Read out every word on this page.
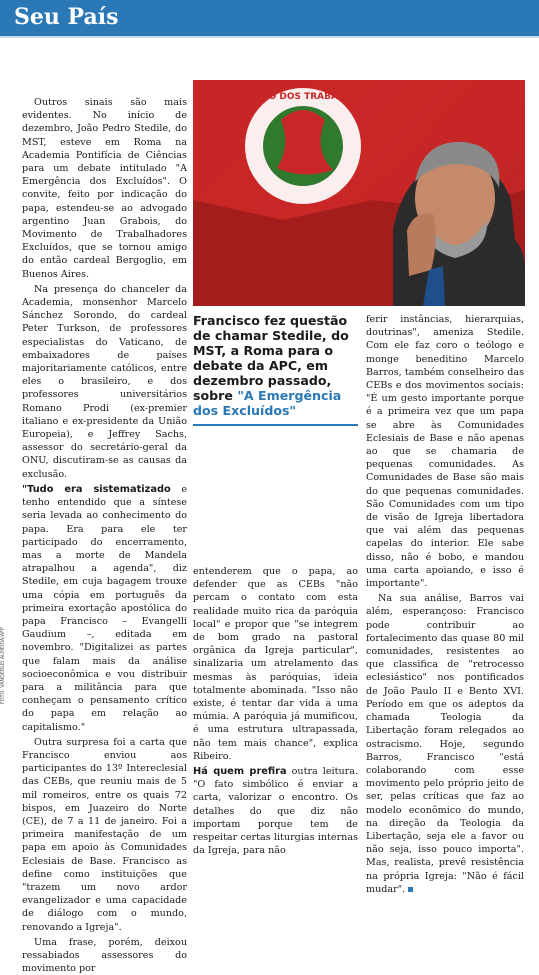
Seu País
MOVIMENTO DOS TRABALHADORES
FOTO: VANDERLEI ALMEIDA/AFP

Outros sinais são mais evidentes. No início de dezembro, João Pedro Stedile, do MST, esteve em Roma na Academia Pontifícia de Ciências para um debate intitulado "A Emergência dos Excluídos". O convite, feito por indicação do papa, estendeu-se ao advogado argentino Juan Grabois, do Movimento de Trabalhadores Excluídos, que se tornou amigo do então cardeal Bergoglio, em Buenos Aires.

Na presença do chanceler da Academia, monsenhor Marcelo Sánchez Sorondo, do cardeal Peter Turkson, de professores especialistas do Vaticano, de embaixadores de países majoritariamente católicos, entre eles o brasileiro, e dos professores universitários Romano Prodi (ex-premier italiano e ex-presidente da União Europeia), e Jeffrey Sachs, assessor do secretário-geral da ONU, discutiram-se as causas da exclusão.

"Tudo era sistematizado e tenho entendido que a síntese seria levada ao conhecimento do papa. Era para ele ter participado do encerramento, mas a morte de Mandela atrapalhou a agenda", diz Stedile, em cuja bagagem trouxe uma cópia em português da primeira exortação apostólica do papa Francisco – Evangelli Gaudium –, editada em novembro. "Digitalizei as partes que falam mais da análise socioeconômica e vou distribuir para a militância para que conheçam o pensamento crítico do papa em relação ao capitalismo."

Outra surpresa foi a carta que Francisco enviou aos participantes do 13º Intereclesial das CEBs, que reuniu mais de 5 mil romeiros, entre os quais 72 bispos, em Juazeiro do Norte (CE), de 7 a 11 de janeiro. Foi a primeira manifestação de um papa em apoio às Comunidades Eclesiais de Base. Francisco as define como instituições que "trazem um novo ardor evangelizador e uma capacidade de diálogo com o mundo, renovando a Igreja".

Uma frase, porém, deixou ressabiados assessores do movimento por

Francisco fez questão de chamar Stedile, do MST, a Roma para o debate da APC, em dezembro passado, sobre "A Emergência dos Excluídos"

entenderem que o papa, ao defender que as CEBs "não percam o contato com esta realidade muito rica da paróquia local" e propor que "se integrem de bom grado na pastoral orgânica da Igreja particular", sinalizaria um atrelamento das mesmas às paróquias, ideia totalmente abominada. "Isso não existe, é tentar dar vida a uma múmia. A paróquia já mumificou, é uma estrutura ultrapassada, não tem mais chance", explica Ribeiro.

Há quem prefira outra leitura. "O fato simbólico é enviar a carta, valorizar o encontro. Os detalhes do que diz não importam porque tem de respeitar certas liturgias internas da Igreja, para não

ferir instâncias, hierarquias, doutrinas", ameniza Stedile. Com ele faz coro o teólogo e monge beneditino Marcelo Barros, também conselheiro das CEBs e dos movimentos sociais: "É um gesto importante porque é a primeira vez que um papa se abre às Comunidades Eclesiais de Base e não apenas ao que se chamaria de pequenas comunidades. As Comunidades de Base são mais do que pequenas comunidades. São Comunidades com um tipo de visão de Igreja libertadora que vai além das pequenas capelas do interior. Ele sabe disso, não é bobo, e mandou uma carta apoiando, e isso é importante".

Na sua análise, Barros vai além, esperançoso: Francisco pode contribuir ao fortalecimento das quase 80 mil comunidades, resistentes ao que classifica de "retrocesso eclesiástico" nos pontificados de João Paulo II e Bento XVI. Período em que os adeptos da chamada Teologia da Libertação foram relegados ao ostracismo. Hoje, segundo Barros, Francisco "está colaborando com esse movimento pelo próprio jeito de ser, pelas críticas que faz ao modelo econômico do mundo, na direção da Teologia da Libertação, seja ele a favor ou não seja, isso pouco importa". Mas, realista, prevê resistência na própria Igreja: "Não é fácil mudar".
